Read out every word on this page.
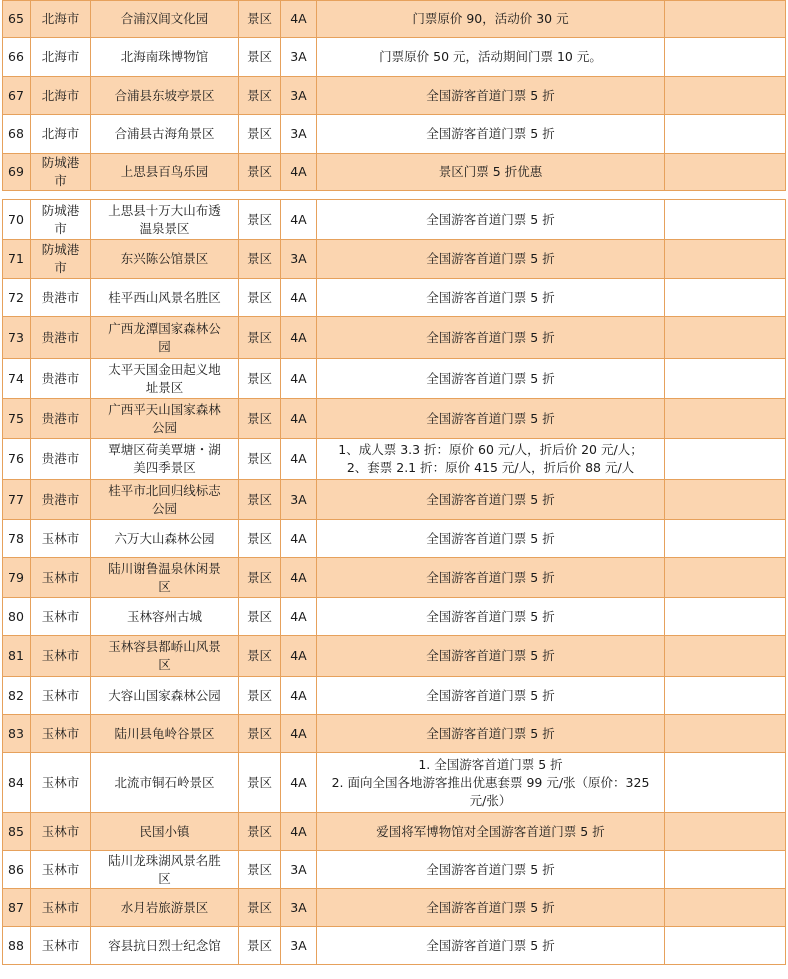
65	北海市	合浦汉闾文化园	景区	4A	门票原价 90，活动价 30 元	
66	北海市	北海南珠博物馆	景区	3A	门票原价 50 元，活动期间门票 10 元。	
67	北海市	合浦县东坡亭景区	景区	3A	全国游客首道门票 5 折	
68	北海市	合浦县古海角景区	景区	3A	全国游客首道门票 5 折	
69	防城港
市	上思县百鸟乐园	景区	4A	景区门票 5 折优惠	
70	防城港
市	上思县十万大山布透
温泉景区	景区	4A	全国游客首道门票 5 折	
71	防城港
市	东兴陈公馆景区	景区	3A	全国游客首道门票 5 折	
72	贵港市	桂平西山风景名胜区	景区	4A	全国游客首道门票 5 折	
73	贵港市	广西龙潭国家森林公
园	景区	4A	全国游客首道门票 5 折	
74	贵港市	太平天国金田起义地
址景区	景区	4A	全国游客首道门票 5 折	
75	贵港市	广西平天山国家森林
公园	景区	4A	全国游客首道门票 5 折	
76	贵港市	覃塘区荷美覃塘・湖
美四季景区	景区	4A	1、成人票 3.3 折：原价 60 元/人，折后价 20 元/人；
2、套票 2.1 折：原价 415 元/人，折后价 88 元/人	
77	贵港市	桂平市北回归线标志
公园	景区	3A	全国游客首道门票 5 折	
78	玉林市	六万大山森林公园	景区	4A	全国游客首道门票 5 折	
79	玉林市	陆川谢鲁温泉休闲景
区	景区	4A	全国游客首道门票 5 折	
80	玉林市	玉林容州古城	景区	4A	全国游客首道门票 5 折	
81	玉林市	玉林容县都峤山风景
区	景区	4A	全国游客首道门票 5 折	
82	玉林市	大容山国家森林公园	景区	4A	全国游客首道门票 5 折	
83	玉林市	陆川县龟岭谷景区	景区	4A	全国游客首道门票 5 折	
84	玉林市	北流市铜石岭景区	景区	4A	1. 全国游客首道门票 5 折
2. 面向全国各地游客推出优惠套票 99 元/张（原价：325
元/张）	
85	玉林市	民国小镇	景区	4A	爱国将军博物馆对全国游客首道门票 5 折	
86	玉林市	陆川龙珠湖风景名胜
区	景区	3A	全国游客首道门票 5 折	
87	玉林市	水月岩旅游景区	景区	3A	全国游客首道门票 5 折	
88	玉林市	容县抗日烈士纪念馆	景区	3A	全国游客首道门票 5 折	
